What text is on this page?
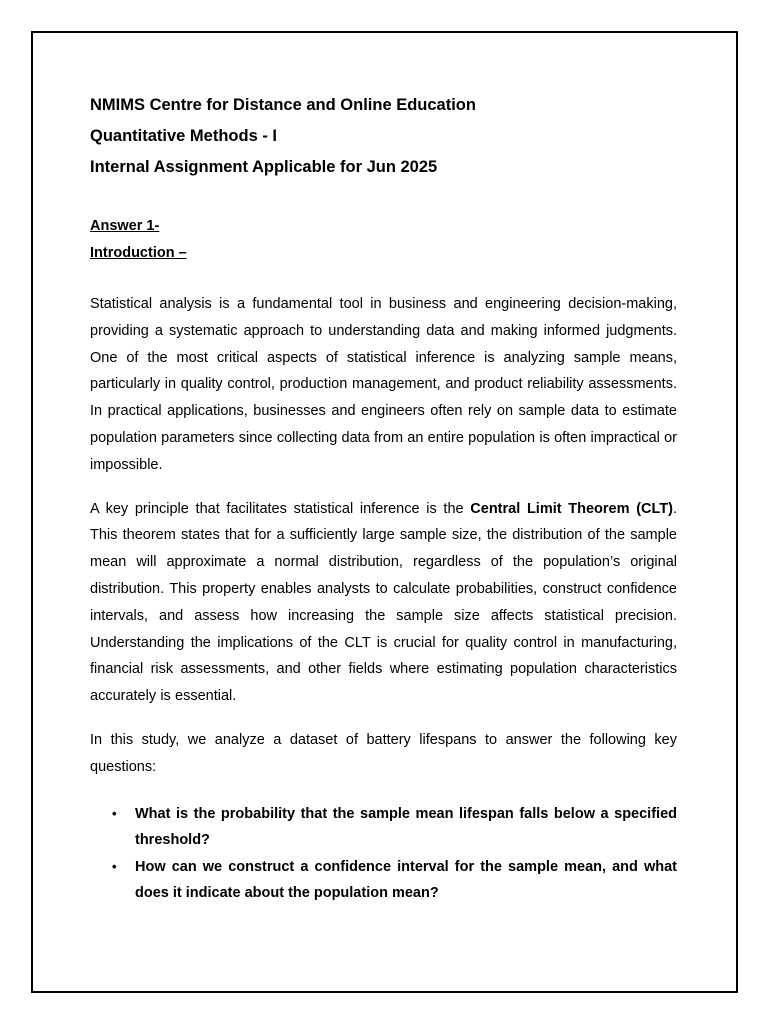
NMIMS Centre for Distance and Online Education

Quantitative Methods - I

Internal Assignment Applicable for Jun 2025

Answer 1-

Introduction –

Statistical analysis is a fundamental tool in business and engineering decision-making, providing a systematic approach to understanding data and making informed judgments. One of the most critical aspects of statistical inference is analyzing sample means, particularly in quality control, production management, and product reliability assessments. In practical applications, businesses and engineers often rely on sample data to estimate population parameters since collecting data from an entire population is often impractical or impossible.

A key principle that facilitates statistical inference is the Central Limit Theorem (CLT). This theorem states that for a sufficiently large sample size, the distribution of the sample mean will approximate a normal distribution, regardless of the population’s original distribution. This property enables analysts to calculate probabilities, construct confidence intervals, and assess how increasing the sample size affects statistical precision. Understanding the implications of the CLT is crucial for quality control in manufacturing, financial risk assessments, and other fields where estimating population characteristics accurately is essential.

In this study, we analyze a dataset of battery lifespans to answer the following key questions:

• What is the probability that the sample mean lifespan falls below a specified threshold?
• How can we construct a confidence interval for the sample mean, and what does it indicate about the population mean?
